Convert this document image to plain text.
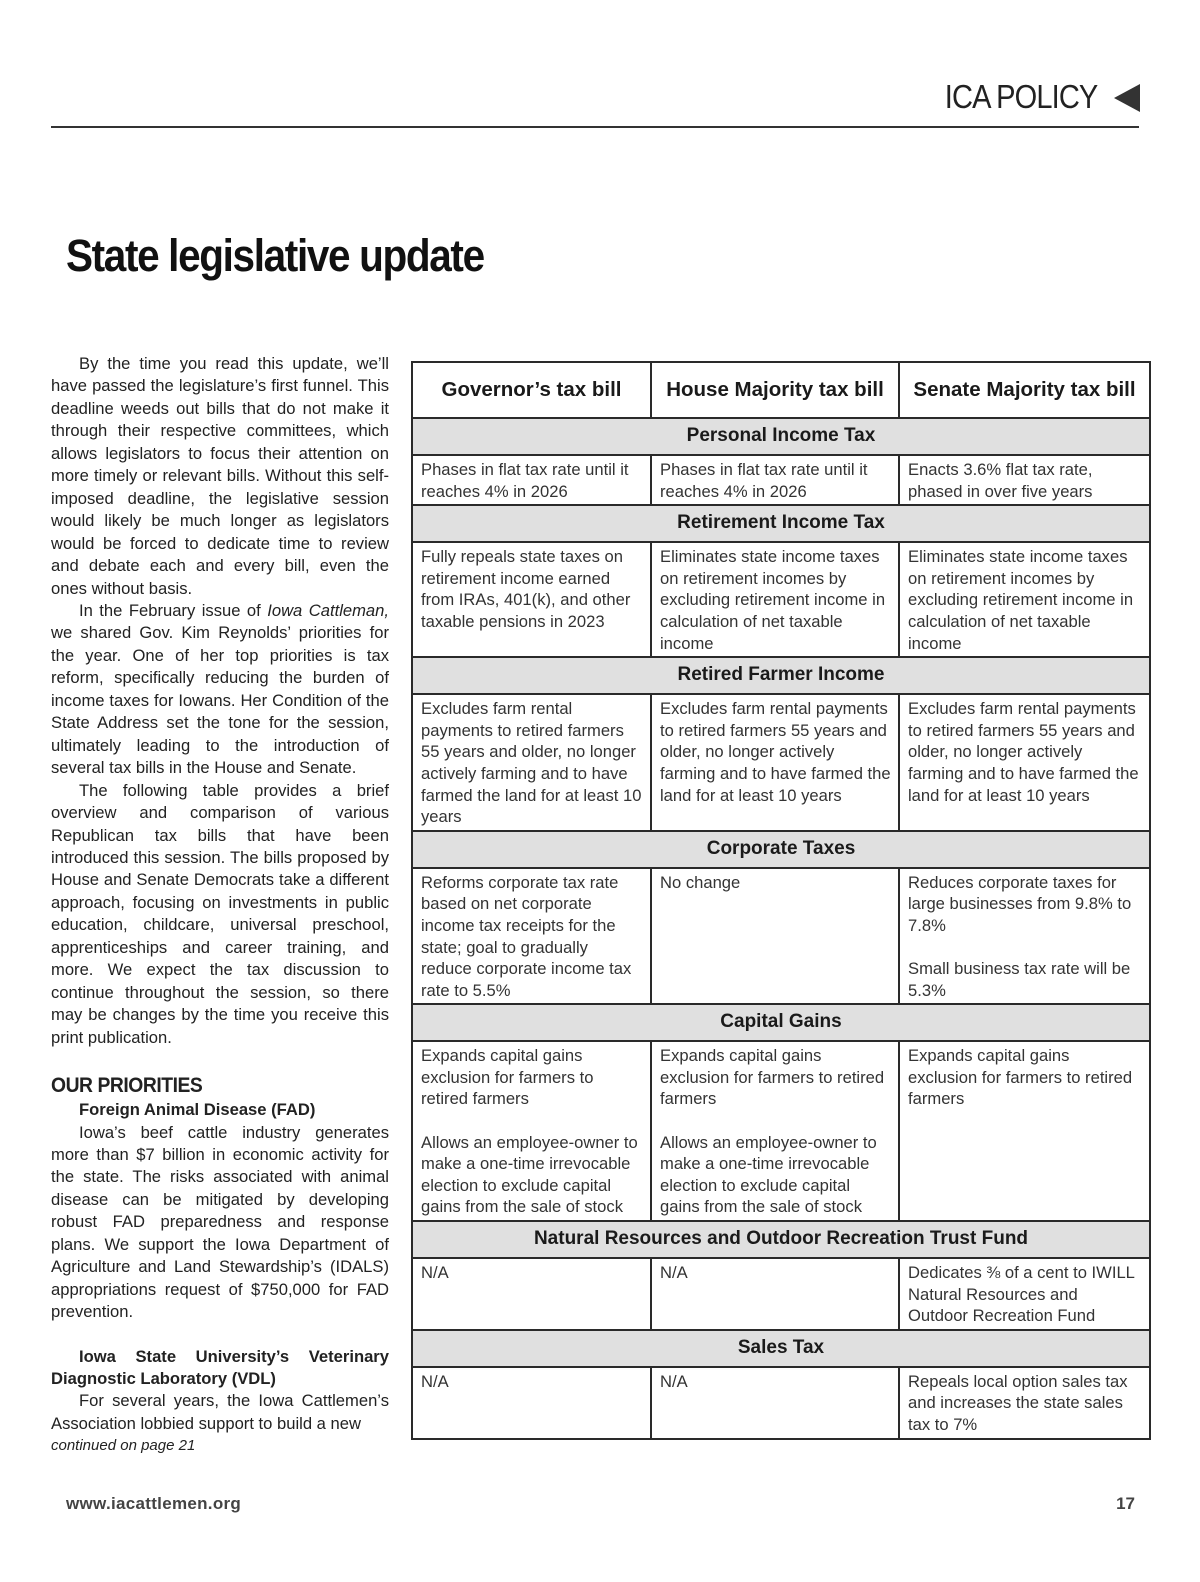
ICA POLICY
State legislative update

By the time you read this update, we’ll have passed the legislature’s first funnel. This deadline weeds out bills that do not make it through their respective committees, which allows legislators to focus their attention on more timely or relevant bills. Without this self-imposed deadline, the legislative session would likely be much longer as legislators would be forced to dedicate time to review and debate each and every bill, even the ones without basis.

In the February issue of Iowa Cattleman, we shared Gov. Kim Reynolds’ priorities for the year. One of her top priorities is tax reform, specifically reducing the burden of income taxes for Iowans. Her Condition of the State Address set the tone for the session, ultimately leading to the introduction of several tax bills in the House and Senate.

The following table provides a brief overview and comparison of various Republican tax bills that have been introduced this session. The bills proposed by House and Senate Democrats take a different approach, focusing on investments in public education, childcare, universal preschool, apprenticeships and career training, and more. We expect the tax discussion to continue throughout the session, so there may be changes by the time you receive this print publication.

OUR PRIORITIES

Foreign Animal Disease (FAD)

Iowa’s beef cattle industry generates more than $7 billion in economic activity for the state. The risks associated with animal disease can be mitigated by developing robust FAD preparedness and response plans. We support the Iowa Department of Agriculture and Land Stewardship’s (IDALS) appropriations request of $750,000 for FAD prevention.

Iowa State University’s Veterinary Diagnostic Laboratory (VDL)

For several years, the Iowa Cattlemen’s Association lobbied support to build a new

continued on page 21

Governor’s tax bill	House Majority tax bill	Senate Majority tax bill
Personal Income Tax		

Phases in flat tax rate until it reaches 4% in 2026	Phases in flat tax rate until it reaches 4% in 2026	Enacts 3.6% flat tax rate, phased in over five years

Retirement Income Tax		

Fully repeals state taxes on retirement income earned from IRAs, 401(k), and other taxable pensions in 2023	Eliminates state income taxes on retirement incomes by excluding retirement income in calculation of net taxable income	Eliminates state income taxes on retirement incomes by excluding retirement income in calculation of net taxable income

Retired Farmer Income		

Excludes farm rental payments to retired farmers 55 years and older, no longer actively farming and to have farmed the land for at least 10 years	Excludes farm rental payments to retired farmers 55 years and older, no longer actively farming and to have farmed the land for at least 10 years	Excludes farm rental payments to retired farmers 55 years and older, no longer actively farming and to have farmed the land for at least 10 years

Corporate Taxes		

Reforms corporate tax rate based on net corporate income tax receipts for the state; goal to gradually reduce corporate income tax rate to 5.5%	No change	Reduces corporate taxes for large businesses from 9.8% to 7.8%
Small business tax rate will be 5.3%

Capital Gains		

Expands capital gains exclusion for farmers to retired farmers
Allows an employee-owner to make a one-time irrevocable election to exclude capital gains from the sale of stock	Expands capital gains exclusion for farmers to retired farmers
Allows an employee-owner to make a one-time irrevocable election to exclude capital gains from the sale of stock	Expands capital gains exclusion for farmers to retired farmers

Natural Resources and Outdoor Recreation Trust Fund		

N/A	N/A	Dedicates ⅜ of a cent to IWILL Natural Resources and Outdoor Recreation Fund

Sales Tax		

N/A	N/A	Repeals local option sales tax and increases the state sales tax to 7%
www.iacattlemen.org	17
